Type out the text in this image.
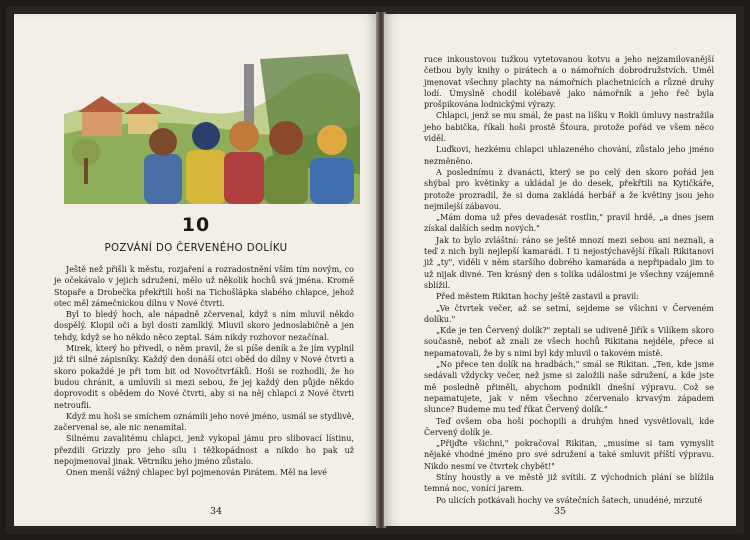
10
POZVÁNÍ DO ČERVENÉHO DOLÍKU

Ještě než přišli k městu, rozjaření a rozradostnění vším tím novým, co je očekávalo v jejich sdružení, mělo už několik hochů svá jména. Kromě Stopaře a Drobečka překřtili hoši na Tichošlápka slabého chlapce, jehož otec měl zámečnickou dílnu v Nové čtvrti.

Byl to bledý hoch, ale nápadně zčervenal, když s ním mluvil někdo dospělý. Klopil oči a byl dosti zamlklý. Mluvil skoro jednoslabičně a jen tehdy, když se ho někdo něco zeptal. Sám nikdy rozhovor nezačínal.

Mirek, který ho přivedl, o něm pravil, že si píše deník a že jím vyplnil již tři silné zápisníky. Každý den donáší otci oběd do dílny v Nové čtvrti a skoro pokaždé je při tom bit od Novočtvrťáků. Hoši se rozhodli, že ho budou chránit, a umluvili si mezi sebou, že jej každý den půjde někdo doprovodit s obědem do Nové čtvrti, aby si na něj chlapci z Nové čtvrti netroufli.

Když mu hoši se smíchem oznámili jeho nové jméno, usmál se stydlivě, začervenal se, ale nic nenamítal.

Silnému zavalitému chlapci, jenž vykopal jámu pro slibovací lístinu, přezdili Grizzly pro jeho sílu i těžkopádnost a nikdo ho pak už nepojmenoval jinak. Větrníku jeho jméno zůstalo.

Onen menší vážný chlapec byl pojmenován Pirátem. Měl na levé

34

ruce inkoustovou tužkou vytetovanou kotvu a jeho nejzamilovanější četbou byly knihy o pirátech a o námořních dobrodružstvích. Uměl jmenovat všechny plachty na námořních plachetnicích a různé druhy lodí. Úmyslně chodil kolébavě jako námořník a jeho řeč byla prošpikována lodnickými výrazy.

Chlapci, jenž se mu smál, že past na lišku v Rokli úmluvy nastražila jeho babička, říkali hoši prostě Šťoura, protože pořád ve všem něco viděl.

Luďkovi, hezkému chlapci uhlazeného chování, zůstalo jeho jméno nezměněno.

A poslednímu z dvanácti, který se po celý den skoro pořád jen shýbal pro květinky a ukládal je do desek, překřtili na Kytičkáře, protože prozradil, že si doma zakládá herbář a že květiny jsou jeho nejmilejší zábavou.

„Mám doma už přes devadesát rostlin," pravil hrdě, „a dnes jsem získal dalších sedm nových."

Jak to bylo zvláštní: ráno se ještě mnozí mezi sebou ani neznali, a teď z nich byli nejlepší kamarádi. I ti nejostýchavější říkali Rikitanovi již „ty", viděli v něm staršího dobrého kamaráda a nepřipadalo jim to už nijak divné. Ten krásný den s tolika událostmi je všechny vzájemně sblížil.

Před městem Rikitan hochy ještě zastavil a pravil:

„Ve čtvrtek večer, až se setmí, sejdeme se všichni v Červeném dolíku."

„Kde je ten Červený dolík?" zeptali se udiveně Jiřík s Vilíkem skoro současně, neboť až znali ze všech hochů Rikitana nejdéle, přece si nepamatovali, že by s nimi byl kdy mluvil o takovém místě.

„No přece ten dolík na hradbách," smál se Rikitan. „Ten, kde jsme sedávali vždycky večer, než jsme si založili naše sdružení, a kde jste mě posledně přiměli, abychom podnikli dnešní výpravu. Což se nepamatujete, jak v něm všechno zčervenalo krvavým západem slunce? Budeme mu teď říkat Červený dolík."

Teď ovšem oba hoši pochopili a druhým hned vysvětlovali, kde Červený dolík je.

„Přijďte všichni," pokračoval Rikitan, „musíme si tam vymyslit nějaké vhodné jméno pro své sdružení a také smluvit příští výpravu. Nikdo nesmí ve čtvrtek chybět!"

Stíny houstly a ve městě již svítili. Z východních plání se blížila temná noc, vonící jarem.

Po ulicích potkávali hochy ve svátečních šatech, unudéné, mrzuté

35
